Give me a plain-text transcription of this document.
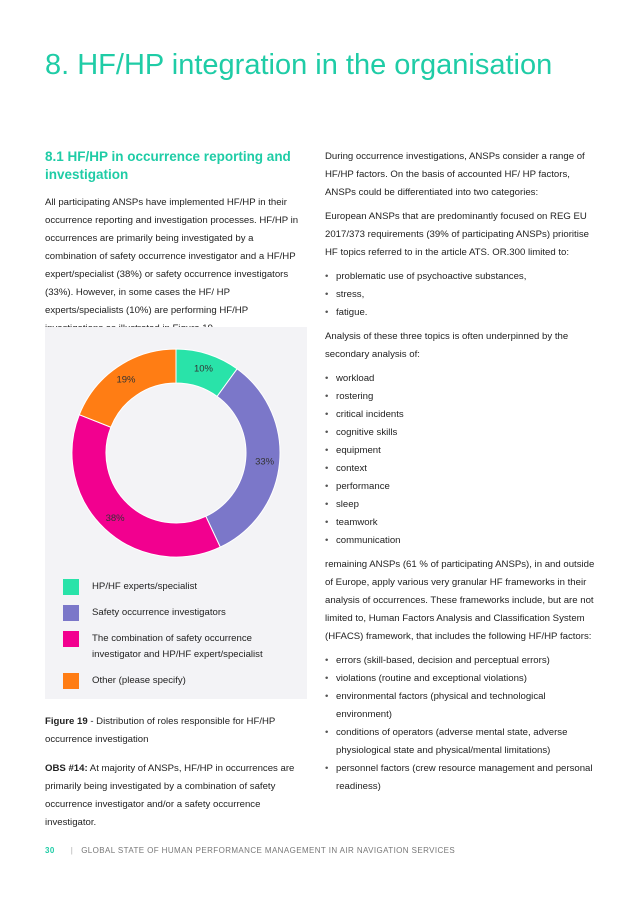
8. HF/HP integration in the organisation
8.1 HF/HP in occurrence reporting and investigation

All participating ANSPs have implemented HF/HP in their occurrence reporting and investigation processes. HF/HP in occurrences are primarily being investigated by a combination of safety occurrence investigator and a HF/HP expert/specialist (38%) or safety occurrence investigators (33%). However, in some cases the HF/ HP experts/specialists (10%) are performing HF/HP

10%
33%
38%
19%
HP/HF experts/specialist
Safety occurrence investigators
The combination of safety occurrence investigator and HP/HF expert/specialist
Other (please specify)
Figure 19 - Distribution of roles responsible for HF/HP occurrence investigation
OBS #14: At majority of ANSPs, HF/HP in occurrences are primarily being investigated by a combination of safety occurrence investigator and/or a safety occurrence investigator.

During occurrence investigations, ANSPs consider a range of HF/HP factors. On the basis of accounted HF/ HP factors, ANSPs could be differentiated into two categories:

European ANSPs that are predominantly focused on REG EU 2017/373 requirements (39% of participating ANSPs) prioritise HF topics referred to in the article ATS. OR.300 limited to:

• problematic use of psychoactive substances,
• stress,
• fatigue.

Analysis of these three topics is often underpinned by the secondary analysis of:

• workload
• rostering
• critical incidents
• cognitive skills
• equipment
• context
• performance
• sleep
• teamwork
• communication

remaining ANSPs (61 % of participating ANSPs), in and outside of Europe, apply various very granular HF frameworks in their analysis of occurrences. These frameworks include, but are not limited to, Human Factors Analysis and Classification System (HFACS) framework, that includes the following HF/HP factors:

• errors (skill-based, decision and perceptual errors)
• violations (routine and exceptional violations)
• environmental factors (physical and technological environment)
• conditions of operators (adverse mental state, adverse physiological state and physical/mental limitations)
• personnel factors (crew resource management and personal readiness)
30 | GLOBAL STATE OF HUMAN PERFORMANCE MANAGEMENT IN AIR NAVIGATION SERVICES
